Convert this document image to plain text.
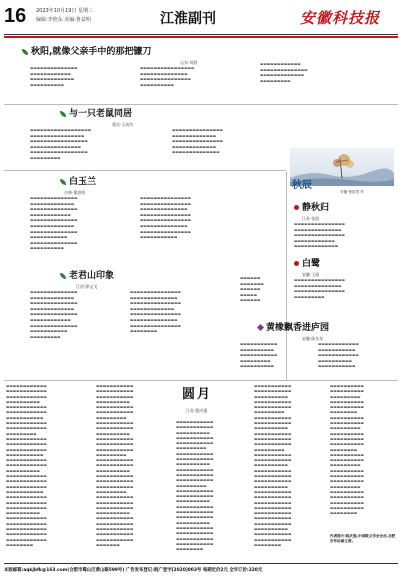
16 2023年10月19日 星期三
编辑:李艳东 美编:鲁益明	江淮副刊	安徽科技报
秋阳,就像父亲手中的那把镰刀
山东·刘群
▬▬▬▬▬▬▬▬▬▬▬▬▬▬
▬▬▬▬▬▬▬▬▬▬▬▬
▬▬▬▬▬▬▬▬▬▬▬▬▬
▬▬▬▬▬▬▬▬▬▬
▬▬▬▬▬▬▬▬▬▬▬▬▬▬▬▬
▬▬▬▬▬▬▬▬▬▬▬▬▬▬
▬▬▬▬▬▬▬▬▬▬▬▬▬▬▬
▬▬▬▬▬▬▬▬▬▬
▬▬▬▬▬▬▬▬▬▬▬▬
▬▬▬▬▬▬▬▬▬▬▬▬▬▬
▬▬▬▬▬▬▬▬▬▬▬▬▬
▬▬▬▬▬▬▬▬▬
与一只老鼠同居
重庆·王成均
▬▬▬▬▬▬▬▬▬▬▬▬▬▬▬▬▬▬
▬▬▬▬▬▬▬▬▬▬▬▬▬▬▬▬
▬▬▬▬▬▬▬▬▬▬▬▬▬▬▬▬▬
▬▬▬▬▬▬▬▬▬▬▬▬▬▬▬
▬▬▬▬▬▬▬▬▬▬▬▬▬▬▬▬▬
▬▬▬▬▬▬▬▬▬
▬▬▬▬▬▬▬▬▬▬▬▬▬▬▬
▬▬▬▬▬▬▬▬▬▬▬▬▬
▬▬▬▬▬▬▬▬▬▬▬▬▬▬▬
▬▬▬▬▬▬▬▬▬▬▬▬▬
▬▬▬▬▬▬▬▬▬▬▬▬▬▬
秋辰
安徽·程再男 作
白玉兰
吉林·董思明
▬▬▬▬▬▬▬▬▬▬▬▬▬▬
▬▬▬▬▬▬▬▬▬▬▬▬▬
▬▬▬▬▬▬▬▬▬▬▬▬▬▬
▬▬▬▬▬▬▬▬▬▬▬▬
▬▬▬▬▬▬▬▬▬▬▬▬▬▬
▬▬▬▬▬▬▬▬▬▬▬▬▬
▬▬▬▬▬▬▬▬▬▬▬▬▬▬
▬▬▬▬▬▬▬▬▬▬▬
▬▬▬▬▬▬▬▬▬▬▬▬▬▬
▬▬▬▬▬▬▬▬▬▬
▬▬▬▬▬▬▬▬▬▬▬▬▬▬▬
▬▬▬▬▬▬▬▬▬▬▬▬▬▬▬
▬▬▬▬▬▬▬▬▬▬▬▬▬▬
▬▬▬▬▬▬▬▬▬▬▬▬▬▬▬
▬▬▬▬▬▬▬▬▬▬▬▬▬▬▬
▬▬▬▬▬▬▬▬▬▬▬▬▬▬
▬▬▬▬▬▬▬▬▬▬▬▬▬▬▬
▬▬▬▬▬▬▬▬▬▬▬
静秋归
江苏·张凯
▬▬▬▬▬▬▬▬▬▬▬▬▬▬▬
▬▬▬▬▬▬▬▬▬▬▬▬▬▬
▬▬▬▬▬▬▬▬▬▬▬▬▬▬▬
▬▬▬▬▬▬▬▬▬▬▬▬
▬▬▬▬▬▬▬▬▬▬▬▬▬
白鹭
安徽·王丽
▬▬▬▬▬▬▬▬▬▬▬▬▬▬▬
▬▬▬▬▬▬▬▬▬▬▬▬▬▬
▬▬▬▬▬▬▬▬▬▬▬▬▬▬▬
▬▬▬▬▬▬▬▬▬
▬▬▬▬▬▬
▬▬▬▬▬▬▬
▬▬▬▬▬▬
▬▬▬▬▬
▬▬▬▬▬▬
老君山印象
江西·徐文飞
▬▬▬▬▬▬▬▬▬▬▬▬▬▬
▬▬▬▬▬▬▬▬▬▬▬▬▬
▬▬▬▬▬▬▬▬▬▬▬▬▬▬
▬▬▬▬▬▬▬▬▬▬▬▬▬
▬▬▬▬▬▬▬▬▬▬▬▬▬▬
▬▬▬▬▬▬▬▬▬▬▬▬
▬▬▬▬▬▬▬▬▬▬▬▬▬▬
▬▬▬▬▬▬▬▬▬▬▬
▬▬▬▬▬▬▬▬▬
▬▬▬▬▬▬▬▬▬▬▬▬▬▬▬
▬▬▬▬▬▬▬▬▬▬▬▬▬▬
▬▬▬▬▬▬▬▬▬▬▬▬▬▬▬
▬▬▬▬▬▬▬▬▬▬▬▬▬
▬▬▬▬▬▬▬▬▬▬▬▬▬▬▬
▬▬▬▬▬▬▬▬▬▬▬▬▬▬
▬▬▬▬▬▬▬▬▬▬▬▬▬▬▬
▬▬▬▬▬▬▬▬	黄橡飘香进庐园
安徽·陈东东
▬▬▬▬▬▬▬▬▬▬▬
▬▬▬▬▬▬▬▬▬▬
▬▬▬▬▬▬▬▬▬▬▬
▬▬▬▬▬▬▬▬▬
▬▬▬▬▬▬▬▬▬▬
▬▬▬▬▬▬▬▬▬▬▬▬
▬▬▬▬▬▬▬▬▬▬▬
▬▬▬▬▬▬▬▬▬▬▬▬
▬▬▬▬▬▬▬▬▬▬
▬▬▬▬▬▬▬▬▬▬▬
圆月
江苏·程庆强
▬▬▬▬▬▬▬▬▬▬▬▬
▬▬▬▬▬▬▬▬▬▬▬▬
▬▬▬▬▬▬▬▬▬▬▬▬
▬▬▬▬▬▬▬▬▬▬
▬▬▬▬▬▬▬▬▬▬▬▬
▬▬▬▬▬▬▬▬▬▬▬▬
▬▬▬▬▬▬▬▬▬▬▬
▬▬▬▬▬▬▬▬▬▬▬▬
▬▬▬▬▬▬▬▬▬▬▬▬
▬▬▬▬▬▬▬▬▬
▬▬▬▬▬▬▬▬▬▬▬▬
▬▬▬▬▬▬▬▬▬▬▬▬
▬▬▬▬▬▬▬▬▬▬▬▬
▬▬▬▬▬▬▬▬▬▬▬
▬▬▬▬▬▬▬▬▬▬▬▬
▬▬▬▬▬▬▬▬▬▬▬▬
▬▬▬▬▬▬▬▬▬▬
▬▬▬▬▬▬▬▬▬▬▬▬
▬▬▬▬▬▬▬▬▬▬▬▬
▬▬▬▬▬▬▬▬▬▬▬▬
▬▬▬▬▬▬▬▬▬▬▬
▬▬▬▬▬▬▬▬▬▬▬▬
▬▬▬▬▬▬▬▬▬▬▬▬
▬▬▬▬▬▬▬▬▬▬▬▬
▬▬▬▬▬▬▬▬▬▬
▬▬▬▬▬▬▬▬▬▬▬▬
▬▬▬▬▬▬▬▬▬▬▬▬
▬▬▬▬▬▬▬▬▬▬▬▬
▬▬▬▬▬▬▬▬▬▬▬▬
▬▬▬▬▬▬▬▬▬▬▬▬
▬▬▬▬▬▬▬▬
▬▬▬▬▬▬▬▬▬▬▬
▬▬▬▬▬▬▬▬▬▬▬
▬▬▬▬▬▬▬▬▬▬▬
▬▬▬▬▬▬▬▬▬▬
▬▬▬▬▬▬▬▬▬▬▬
▬▬▬▬▬▬▬▬▬▬▬
▬▬▬▬▬▬▬▬▬
▬▬▬▬▬▬▬▬▬▬▬
▬▬▬▬▬▬▬▬▬▬▬
▬▬▬▬▬▬▬▬▬▬
▬▬▬▬▬▬▬▬▬▬▬
▬▬▬▬▬▬▬▬▬▬▬
▬▬▬▬▬▬▬▬▬▬▬
▬▬▬▬▬▬▬▬▬
▬▬▬▬▬▬▬▬▬▬▬
▬▬▬▬▬▬▬▬▬▬▬
▬▬▬▬▬▬▬▬▬▬
▬▬▬▬▬▬▬▬▬▬▬
▬▬▬▬▬▬▬▬▬▬▬
▬▬▬▬▬▬▬▬▬▬▬
▬▬▬▬▬▬▬▬▬
▬▬▬▬▬▬▬▬▬▬▬
▬▬▬▬▬▬▬▬▬▬▬
▬▬▬▬▬▬▬▬▬▬▬
▬▬▬▬▬▬▬▬▬▬
▬▬▬▬▬▬▬▬▬▬▬
▬▬▬▬▬▬▬▬▬▬▬
▬▬▬▬▬▬▬▬▬▬▬
▬▬▬▬▬▬▬▬▬▬▬
▬▬▬▬▬▬▬▬▬▬▬
▬▬▬▬▬▬▬
▬▬▬▬▬▬▬▬▬▬▬
▬▬▬▬▬▬▬▬▬▬▬
▬▬▬▬▬▬▬▬▬▬
▬▬▬▬▬▬▬▬▬▬▬
▬▬▬▬▬▬▬▬▬▬▬
▬▬▬▬▬▬▬▬▬
▬▬▬▬▬▬▬▬▬▬▬
▬▬▬▬▬▬▬▬▬▬▬
▬▬▬▬▬▬▬▬▬▬
▬▬▬▬▬▬▬▬▬▬▬
▬▬▬▬▬▬▬▬▬▬▬
▬▬▬▬▬▬▬▬▬▬▬
▬▬▬▬▬▬▬▬▬
▬▬▬▬▬▬▬▬▬▬▬
▬▬▬▬▬▬▬▬▬▬▬
▬▬▬▬▬▬▬▬▬▬
▬▬▬▬▬▬▬▬▬▬▬
▬▬▬▬▬▬▬▬▬▬▬
▬▬▬▬▬▬▬▬▬▬▬
▬▬▬▬▬▬▬▬▬▬
▬▬▬▬▬▬▬▬▬▬▬
▬▬▬▬▬▬▬▬▬▬▬
▬▬▬▬▬▬▬▬▬▬▬
▬▬▬▬▬▬▬▬▬▬▬
▬▬▬▬▬▬▬▬
▬▬▬▬▬▬▬▬▬▬▬
▬▬▬▬▬▬▬▬▬▬▬
▬▬▬▬▬▬▬▬▬▬
▬▬▬▬▬▬▬▬▬▬▬
▬▬▬▬▬▬▬▬▬▬▬
▬▬▬▬▬▬▬▬▬
▬▬▬▬▬▬▬▬▬▬▬
▬▬▬▬▬▬▬▬▬▬▬
▬▬▬▬▬▬▬▬▬▬
▬▬▬▬▬▬▬▬▬▬▬
▬▬▬▬▬▬▬▬▬▬▬
▬▬▬▬▬▬▬▬▬▬▬
▬▬▬▬▬▬▬▬▬
▬▬▬▬▬▬▬▬▬▬▬
▬▬▬▬▬▬▬▬▬▬▬
▬▬▬▬▬▬▬▬▬▬
▬▬▬▬▬▬▬▬▬▬▬
▬▬▬▬▬▬▬▬▬▬▬
▬▬▬▬▬▬▬▬▬▬▬
▬▬▬▬▬▬▬▬▬▬
▬▬▬▬▬▬▬▬▬▬▬
▬▬▬▬▬▬▬▬▬▬▬
▬▬▬▬▬▬▬▬▬▬▬
▬▬▬▬▬▬▬▬▬▬▬
▬▬▬▬▬▬▬▬▬▬▬
▬▬▬▬▬▬▬▬▬▬▬
▬▬▬▬▬▬▬▬▬▬▬
▬▬▬▬▬▬▬▬▬▬
▬▬▬▬▬▬▬▬▬▬▬
▬▬▬▬▬▬▬▬▬▬▬
▬▬▬▬▬▬▬▬
▬▬▬▬▬▬▬▬▬▬
▬▬▬▬▬▬▬▬▬▬
▬▬▬▬▬▬▬▬▬
▬▬▬▬▬▬▬▬▬▬
▬▬▬▬▬▬▬▬▬▬
▬▬▬▬▬▬▬▬
▬▬▬▬▬▬▬▬▬▬
▬▬▬▬▬▬▬▬▬▬
▬▬▬▬▬▬▬▬▬
▬▬▬▬▬▬▬▬▬▬
▬▬▬▬▬▬▬▬▬▬
▬▬▬▬▬▬▬▬▬▬
▬▬▬▬▬▬▬▬
▬▬▬▬▬▬▬▬▬▬
▬▬▬▬▬▬▬▬▬▬
▬▬▬▬▬▬▬▬▬
▬▬▬▬▬▬▬▬▬▬
▬▬▬▬▬▬▬▬▬▬
▬▬▬▬▬▬▬▬▬▬
▬▬▬▬▬▬▬▬▬
▬▬▬▬▬▬▬▬▬▬
▬▬▬▬▬▬▬▬▬▬
▬▬▬▬▬▬▬▬▬▬
▬▬▬▬▬▬▬▬▬▬
▬▬▬▬▬▬▬▬
作者简介:程庆强,中国散文学会会员,合肥市作协副主席。
本版邮箱:aqkjbfk@163.com(合肥市蜀山区黄山路599号) 广告发布登记:皖广登字[2020]003号 每期定价2元 全年订价:220元
